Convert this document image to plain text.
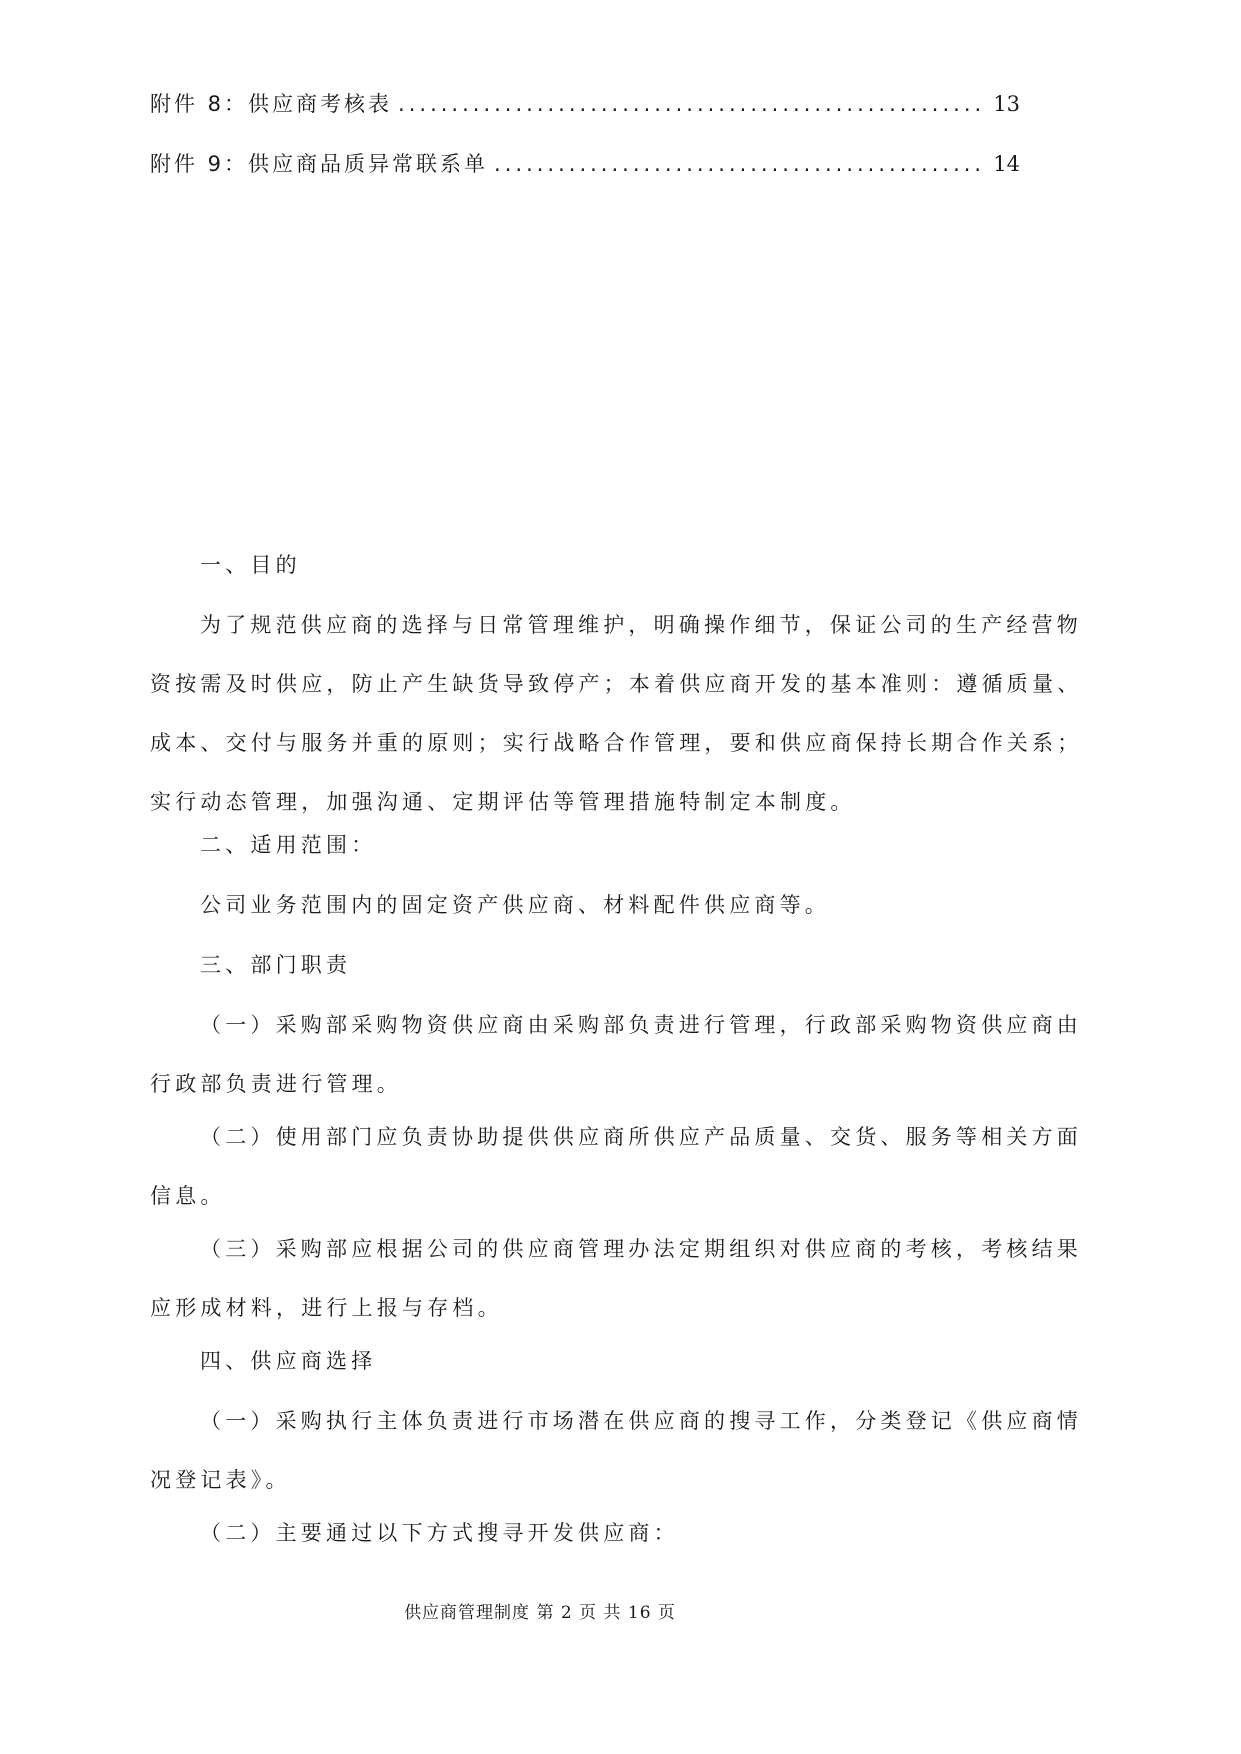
附件 8：供应商考核表 .....	13
附件 9：供应商品质异常联系单 .....	14

一、目的

为了规范供应商的选择与日常管理维护，明确操作细节，保证公司的生产经营物资按需及时供应，防止产生缺货导致停产；本着供应商开发的基本准则：遵循质量、成本、交付与服务并重的原则；实行战略合作管理，要和供应商保持长期合作关系；实行动态管理，加强沟通、定期评估等管理措施特制定本制度。

二、适用范围：

公司业务范围内的固定资产供应商、材料配件供应商等。

三、部门职责

（一）采购部采购物资供应商由采购部负责进行管理，行政部采购物资供应商由行政部负责进行管理。

（二）使用部门应负责协助提供供应商所供应产品质量、交货、服务等相关方面信息。

（三）采购部应根据公司的供应商管理办法定期组织对供应商的考核，考核结果应形成材料，进行上报与存档。

四、供应商选择

（一）采购执行主体负责进行市场潜在供应商的搜寻工作，分类登记《供应商情况登记表》。

（二）主要通过以下方式搜寻开发供应商：

供应商管理制度 第 2 页 共 16 页
